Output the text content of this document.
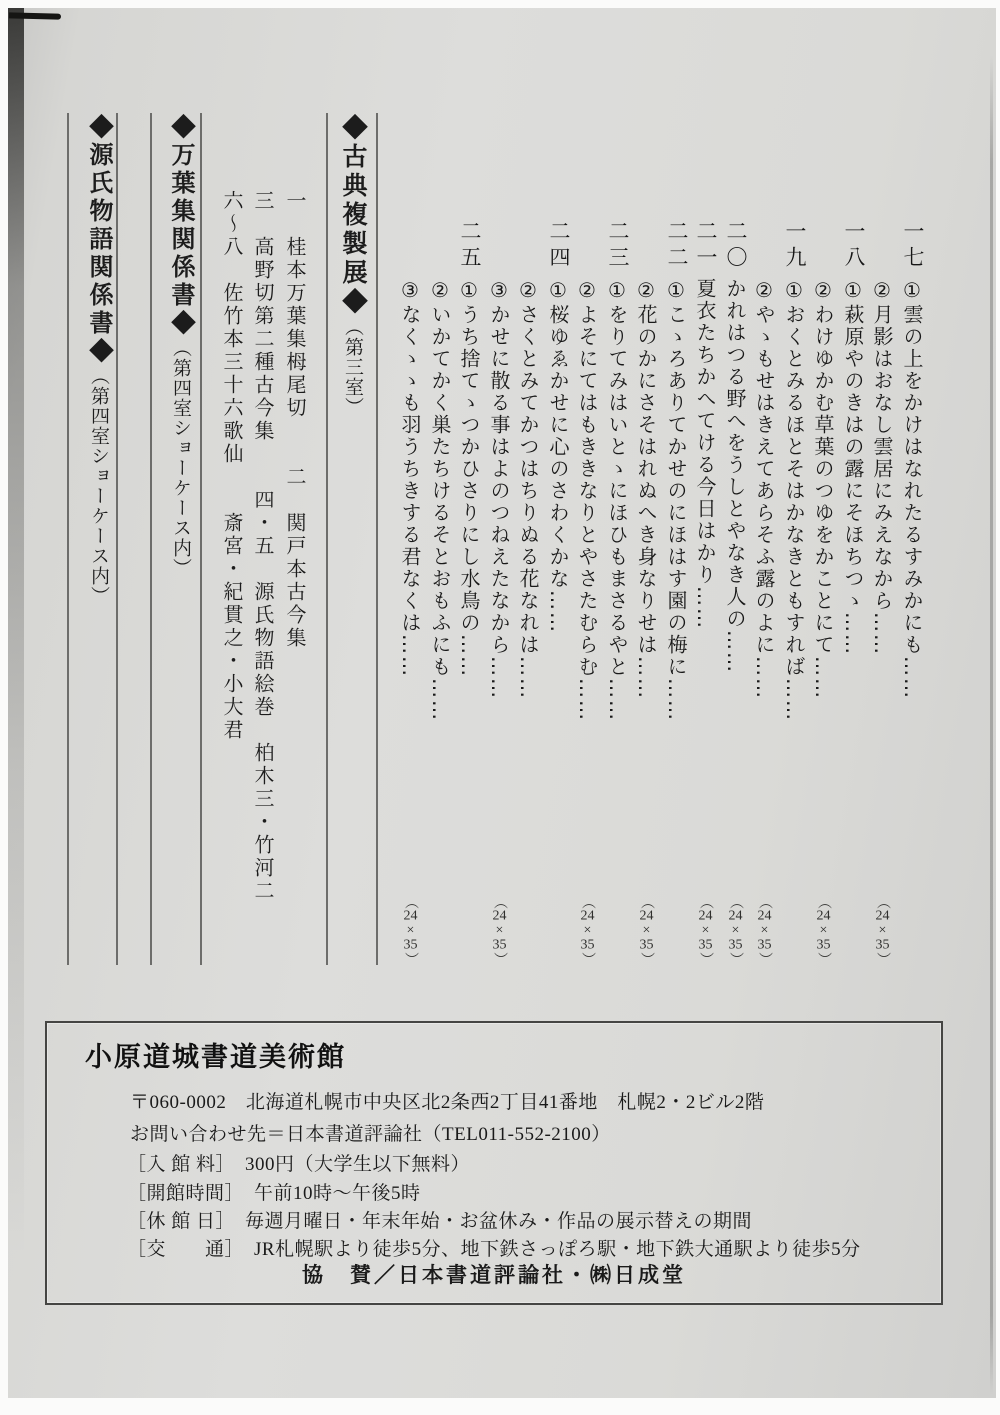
◆源氏物語関係書◆（第四室ショーケース内）
◆万葉集関係書◆（第四室ショーケース内）
◆古典複製展◆（第三室）
一　桂本万葉集栂尾切　　二　関戸本古今集
三　高野切第二種古今集　　四・五　源氏物語絵巻　柏木三・竹河二
六〜八　佐竹本三十六歌仙　　斎宮・紀貫之・小大君	一七
①雲の上をかけはなれたるすみかにも……
②月影はおなし雲居にみえなから……
一八
①萩原やのきはの露にそほちつゝ……
②わけゆかむ草葉のつゆをかことにて……
一九
①おくとみるほとそはかなきともすれば……
②やゝもせはきえてあらそふ露のよに……
二〇
かれはつる野へをうしとやなき人の……
二一
夏衣たちかへてける今日はかり……
二二
①こゝろありてかせのにほはす園の梅に……
②花のかにさそはれぬへき身なりせは……
二三
①をりてみはいとゝにほひもまさるやと……
②よそにてはもききなりとやさたむらむ……
二四
①桜ゆゑかせに心のさわくかな……
②さくとみてかつはちりぬる花なれは……
③かせに散る事はよのつねえたなから……
二五
①うち捨てゝつかひさりにし水鳥の……
②いかてかく巣たちけるそとおもふにも……
③なくゝゝも羽うちきする君なくは……
（24×35）
（24×35）
（24×35）
（24×35）
（24×35）
（24×35）
（24×35）
（24×35）
（24×35）
小原道城書道美術館
〒060-0002　北海道札幌市中央区北2条西2丁目41番地　札幌2・2ビル2階
お問い合わせ先＝日本書道評論社（TEL011-552-2100）
［入 館 料］　300円（大学生以下無料）
［開館時間］　午前10時〜午後5時
［休 館 日］　毎週月曜日・年末年始・お盆休み・作品の展示替えの期間
［交　　通］　JR札幌駅より徒歩5分、地下鉄さっぽろ駅・地下鉄大通駅より徒歩5分
協　賛／日本書道評論社・㈱日成堂
